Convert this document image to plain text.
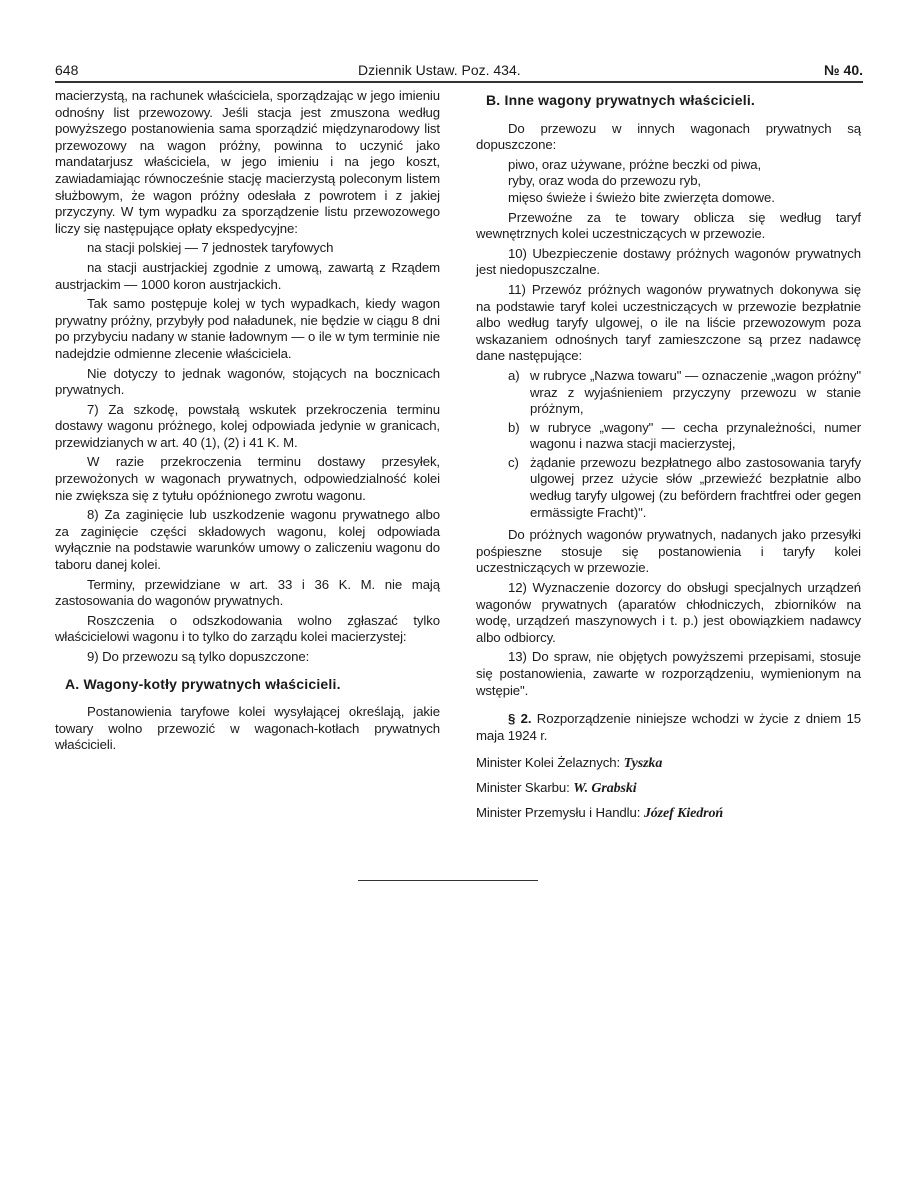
648	Dziennik Ustaw. Poz. 434.	№ 40.

macierzystą, na rachunek właściciela, sporządzając w jego imieniu odnośny list przewozowy. Jeśli stacja jest zmuszona według powyższego postanowienia sama sporządzić międzynarodowy list przewozowy na wagon próżny, powinna to uczynić jako mandatarjusz właściciela, w jego imieniu i na jego koszt, zawiadamiając równocześnie stację macierzystą poleconym listem służbowym, że wagon próżny odesłała z powrotem i z jakiej przyczyny. W tym wypadku za sporządzenie listu przewozowego liczy się następujące opłaty ekspedycyjne:

na stacji polskiej — 7 jednostek taryfowych

na stacji austrjackiej zgodnie z umową, zawartą z Rządem austrjackim — 1000 koron austrjackich.

Tak samo postępuje kolej w tych wypadkach, kiedy wagon prywatny próżny, przybyły pod naładunek, nie będzie w ciągu 8 dni po przybyciu nadany w stanie ładownym — o ile w tym terminie nie nadejdzie odmienne zlecenie właściciela.

Nie dotyczy to jednak wagonów, stojących na bocznicach prywatnych.

7) Za szkodę, powstałą wskutek przekroczenia terminu dostawy wagonu próżnego, kolej odpowiada jedynie w granicach, przewidzianych w art. 40 (1), (2) i 41 K. M.

W razie przekroczenia terminu dostawy przesyłek, przewożonych w wagonach prywatnych, odpowiedzialność kolei nie zwiększa się z tytułu opóźnionego zwrotu wagonu.

8) Za zaginięcie lub uszkodzenie wagonu prywatnego albo za zaginięcie części składowych wagonu, kolej odpowiada wyłącznie na podstawie warunków umowy o zaliczeniu wagonu do taboru danej kolei.

Terminy, przewidziane w art. 33 i 36 K. M. nie mają zastosowania do wagonów prywatnych.

Roszczenia o odszkodowania wolno zgłaszać tylko właścicielowi wagonu i to tylko do zarządu kolei macierzystej:

9) Do przewozu są tylko dopuszczone:

A. Wagony-kotły prywatnych właścicieli.

Postanowienia taryfowe kolei wysyłającej określają, jakie towary wolno przewozić w wagonach-kotłach prywatnych właścicieli.

B. Inne wagony prywatnych właścicieli.

Do przewozu w innych wagonach prywatnych są dopuszczone:

piwo, oraz używane, próżne beczki od piwa,
ryby, oraz woda do przewozu ryb,
mięso świeże i świeżo bite zwierzęta domowe.

Przewoźne za te towary oblicza się według taryf wewnętrznych kolei uczestniczących w przewozie.

10) Ubezpieczenie dostawy próżnych wagonów prywatnych jest niedopuszczalne.

11) Przewóz próżnych wagonów prywatnych dokonywa się na podstawie taryf kolei uczestniczących w przewozie bezpłatnie albo według taryfy ulgowej, o ile na liście przewozowym poza wskazaniem odnośnych taryf zamieszczone są przez nadawcę dane następujące:

a) w rubryce „Nazwa towaru" — oznaczenie „wagon próżny" wraz z wyjaśnieniem przyczyny przewozu w stanie próżnym,
b) w rubryce „wagony" — cecha przynależności, numer wagonu i nazwa stacji macierzystej,
c) żądanie przewozu bezpłatnego albo zastosowania taryfy ulgowej przez użycie słów „przewieźć bezpłatnie albo według taryfy ulgowej (zu befördern frachtfrei oder gegen ermässigte Fracht)".

Do próżnych wagonów prywatnych, nadanych jako przesyłki pośpieszne stosuje się postanowienia i taryfy kolei uczestniczących w przewozie.

12) Wyznaczenie dozorcy do obsługi specjalnych urządzeń wagonów prywatnych (aparatów chłodniczych, zbiorników na wodę, urządzeń maszynowych i t. p.) jest obowiązkiem nadawcy albo odbiorcy.

13) Do spraw, nie objętych powyższemi przepisami, stosuje się postanowienia, zawarte w rozporządzeniu, wymienionym na wstępie".

§ 2. Rozporządzenie niniejsze wchodzi w życie z dniem 15 maja 1924 r.

Minister Kolei Żelaznych: Tyszka
Minister Skarbu: W. Grabski
Minister Przemysłu i Handlu: Józef Kiedroń
